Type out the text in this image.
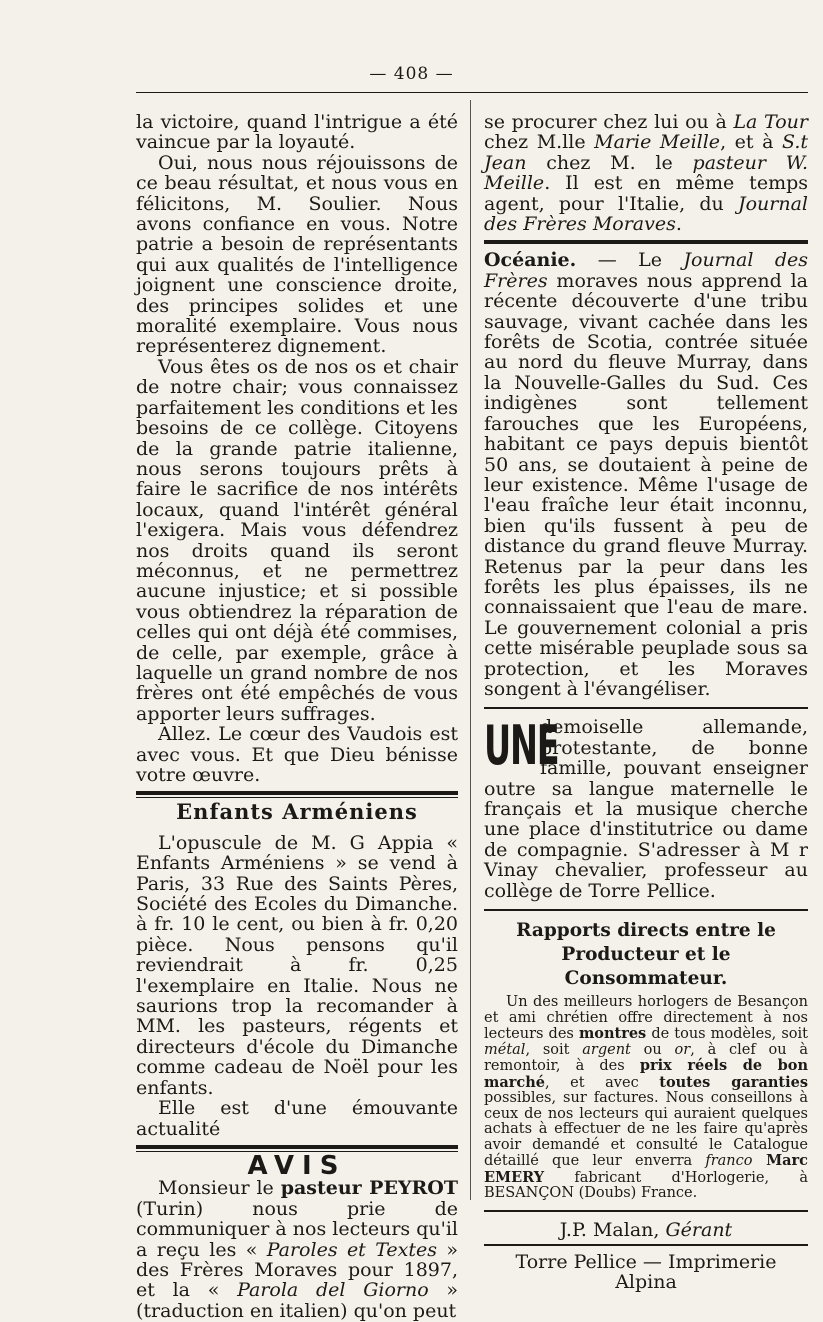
— 408 —

la victoire, quand l'intrigue a été vaincue par la loyauté.

Oui, nous nous réjouissons de ce beau résultat, et nous vous en félicitons, M. Soulier. Nous avons confiance en vous. Notre patrie a besoin de représentants qui aux qualités de l'intelligence joignent une conscience droite, des principes solides et une moralité exemplaire. Vous nous représenterez dignement.

Vous êtes os de nos os et chair de notre chair; vous connaissez parfaitement les conditions et les besoins de ce collège. Citoyens de la grande patrie italienne, nous serons toujours prêts à faire le sacrifice de nos intérêts locaux, quand l'intérêt général l'exigera. Mais vous défendrez nos droits quand ils seront méconnus, et ne permettrez aucune injustice; et si possible vous obtiendrez la réparation de celles qui ont déjà été commises, de celle, par exemple, grâce à laquelle un grand nombre de nos frères ont été empêchés de vous apporter leurs suffrages.

Allez. Le cœur des Vaudois est avec vous. Et que Dieu bénisse votre œuvre.

Enfants Arméniens

L'opuscule de M. G Appia « Enfants Arméniens » se vend à Paris, 33 Rue des Saints Pères, Société des Ecoles du Dimanche. à fr. 10 le cent, ou bien à fr. 0,20 pièce. Nous pensons qu'il reviendrait à fr. 0,25 l'exemplaire en Italie. Nous ne saurions trop la recomander à MM. les pasteurs, régents et directeurs d'école du Dimanche comme cadeau de Noël pour les enfants.

Elle est d'une émouvante actualité

AVIS

Monsieur le pasteur PEYROT (Turin) nous prie de communiquer à nos lecteurs qu'il a reçu les « Paroles et Textes » des Frères Moraves pour 1897, et la « Parola del Giorno » (traduction en italien) qu'on peut

se procurer chez lui ou à La Tour chez M.lle Marie Meille, et à S.t Jean chez M. le pasteur W. Meille. Il est en même temps agent, pour l'Italie, du Journal des Frères Moraves.

Océanie. — Le Journal des Frères moraves nous apprend la récente découverte d'une tribu sauvage, vivant cachée dans les forêts de Scotia, contrée située au nord du fleuve Murray, dans la Nouvelle-Galles du Sud. Ces indigènes sont tellement farouches que les Européens, habitant ce pays depuis bientôt 50 ans, se doutaient à peine de leur existence. Même l'usage de l'eau fraîche leur était inconnu, bien qu'ils fussent à peu de distance du grand fleuve Murray. Retenus par la peur dans les forêts les plus épaisses, ils ne connaissaient que l'eau de mare. Le gouvernement colonial a pris cette misérable peuplade sous sa protection, et les Moraves songent à l'évangéliser.

UNE

demoiselle allemande, protestante, de bonne famille, pouvant enseigner outre sa langue maternelle le français et la musique cherche une place d'institutrice ou dame de compagnie. S'adresser à M r Vinay chevalier, professeur au collège de Torre Pellice.

Rapports directs entre le Producteur et le Consommateur.

Un des meilleurs horlogers de Besançon et ami chrétien offre directement à nos lecteurs des montres de tous modèles, soit métal, soit argent ou or, à clef ou à remontoir, à des prix réels de bon marché, et avec toutes garanties possibles, sur factures. Nous conseillons à ceux de nos lecteurs qui auraient quelques achats à effectuer de ne les faire qu'après avoir demandé et consulté le Catalogue détaillé que leur enverra franco Marc EMERY fabricant d'Horlogerie, à BESANÇON (Doubs) France.

J.P. Malan, Gérant
Torre Pellice — Imprimerie Alpina
